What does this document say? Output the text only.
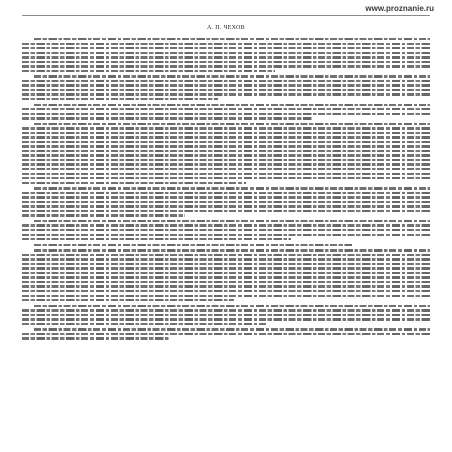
www.proznanie.ru
А. П. ЧЕХОВ
